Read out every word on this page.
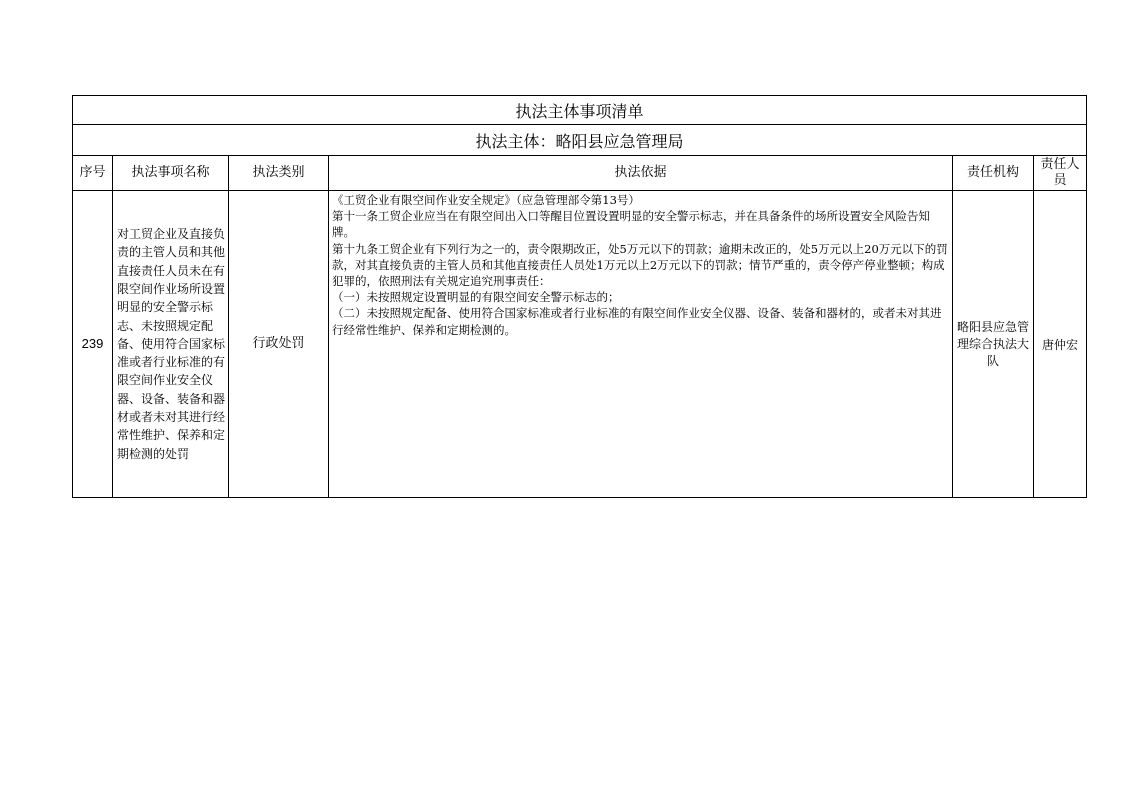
执法主体事项清单					
执法主体：略阳县应急管理局					
序号	执法事项名称	执法类别	执法依据	责任机构	责任人员
239	对工贸企业及直接负责的主管人员和其他直接责任人员未在有限空间作业场所设置明显的安全警示标志、未按照规定配备、使用符合国家标准或者行业标准的有限空间作业安全仪器、设备、装备和器材或者未对其进行经常性维护、保养和定期检测的处罚	行政处罚	《工贸企业有限空间作业安全规定》（应急管理部令第13号）
第十一条工贸企业应当在有限空间出入口等醒目位置设置明显的安全警示标志，并在具备条件的场所设置安全风险告知牌。
第十九条工贸企业有下列行为之一的，责令限期改正，处5万元以下的罚款；逾期未改正的，处5万元以上20万元以下的罚款，对其直接负责的主管人员和其他直接责任人员处1万元以上2万元以下的罚款；情节严重的，责令停产停业整顿；构成犯罪的，依照刑法有关规定追究刑事责任：
（一）未按照规定设置明显的有限空间安全警示标志的；
（二）未按照规定配备、使用符合国家标准或者行业标准的有限空间作业安全仪器、设备、装备和器材的，或者未对其进行经常性维护、保养和定期检测的。	略阳县应急管理综合执法大队	唐仲宏
